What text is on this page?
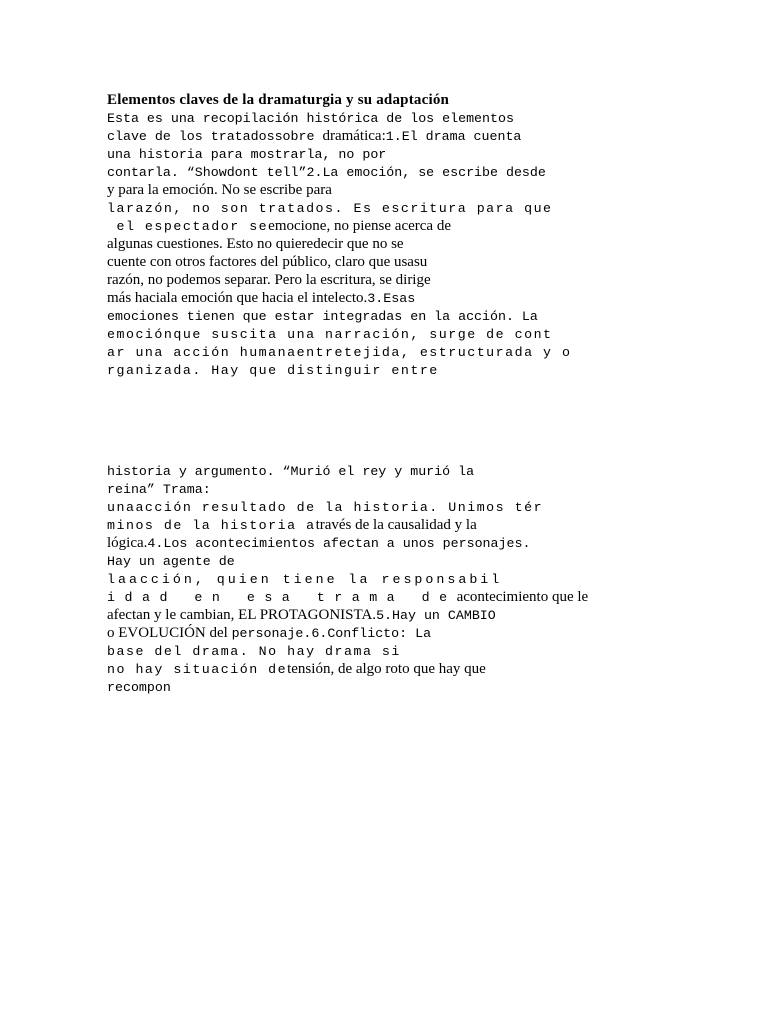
Elementos claves de la dramaturgia y su adaptación
Esta es una recopilación histórica de los elementos
clave de los tratadossobre dramática:1.El drama cuenta
una historia para mostrarla, no por
contarla. “Showdont tell”2.La emoción, se escribe desde
y para la emoción. No se escribe para
larazón, no son tratados. Es escritura para que
el espectador seemocione, no piense acerca de
algunas cuestiones. Esto no quieredecir que no se
cuente con otros factores del público, claro que usasu
razón, no podemos separar. Pero la escritura, se dirige
más haciala emoción que hacia el intelecto.3.Esas
emociones tienen que estar integradas en la acción. La
emociónque suscita una narración, surge de cont
ar una acción humanaentretejida, estructurada y o
rganizada. Hay que distinguir entre
historia y argumento. “Murió el rey y murió la
reina” Trama:
unaacción resultado de la historia. Unimos tér
minos de la historia através de la causalidad y la
lógica.4.Los acontecimientos afectan a unos personajes.
Hay un agente de
laacción, quien tiene la responsabil
idad en esa trama deacontecimiento que le
afectan y le cambian, EL PROTAGONISTA.5.Hay un CAMBIO
o EVOLUCIÓN del personaje.6.Conflicto: La
base del drama. No hay drama si
no hay situación detensión, de algo roto que hay que
recompon
